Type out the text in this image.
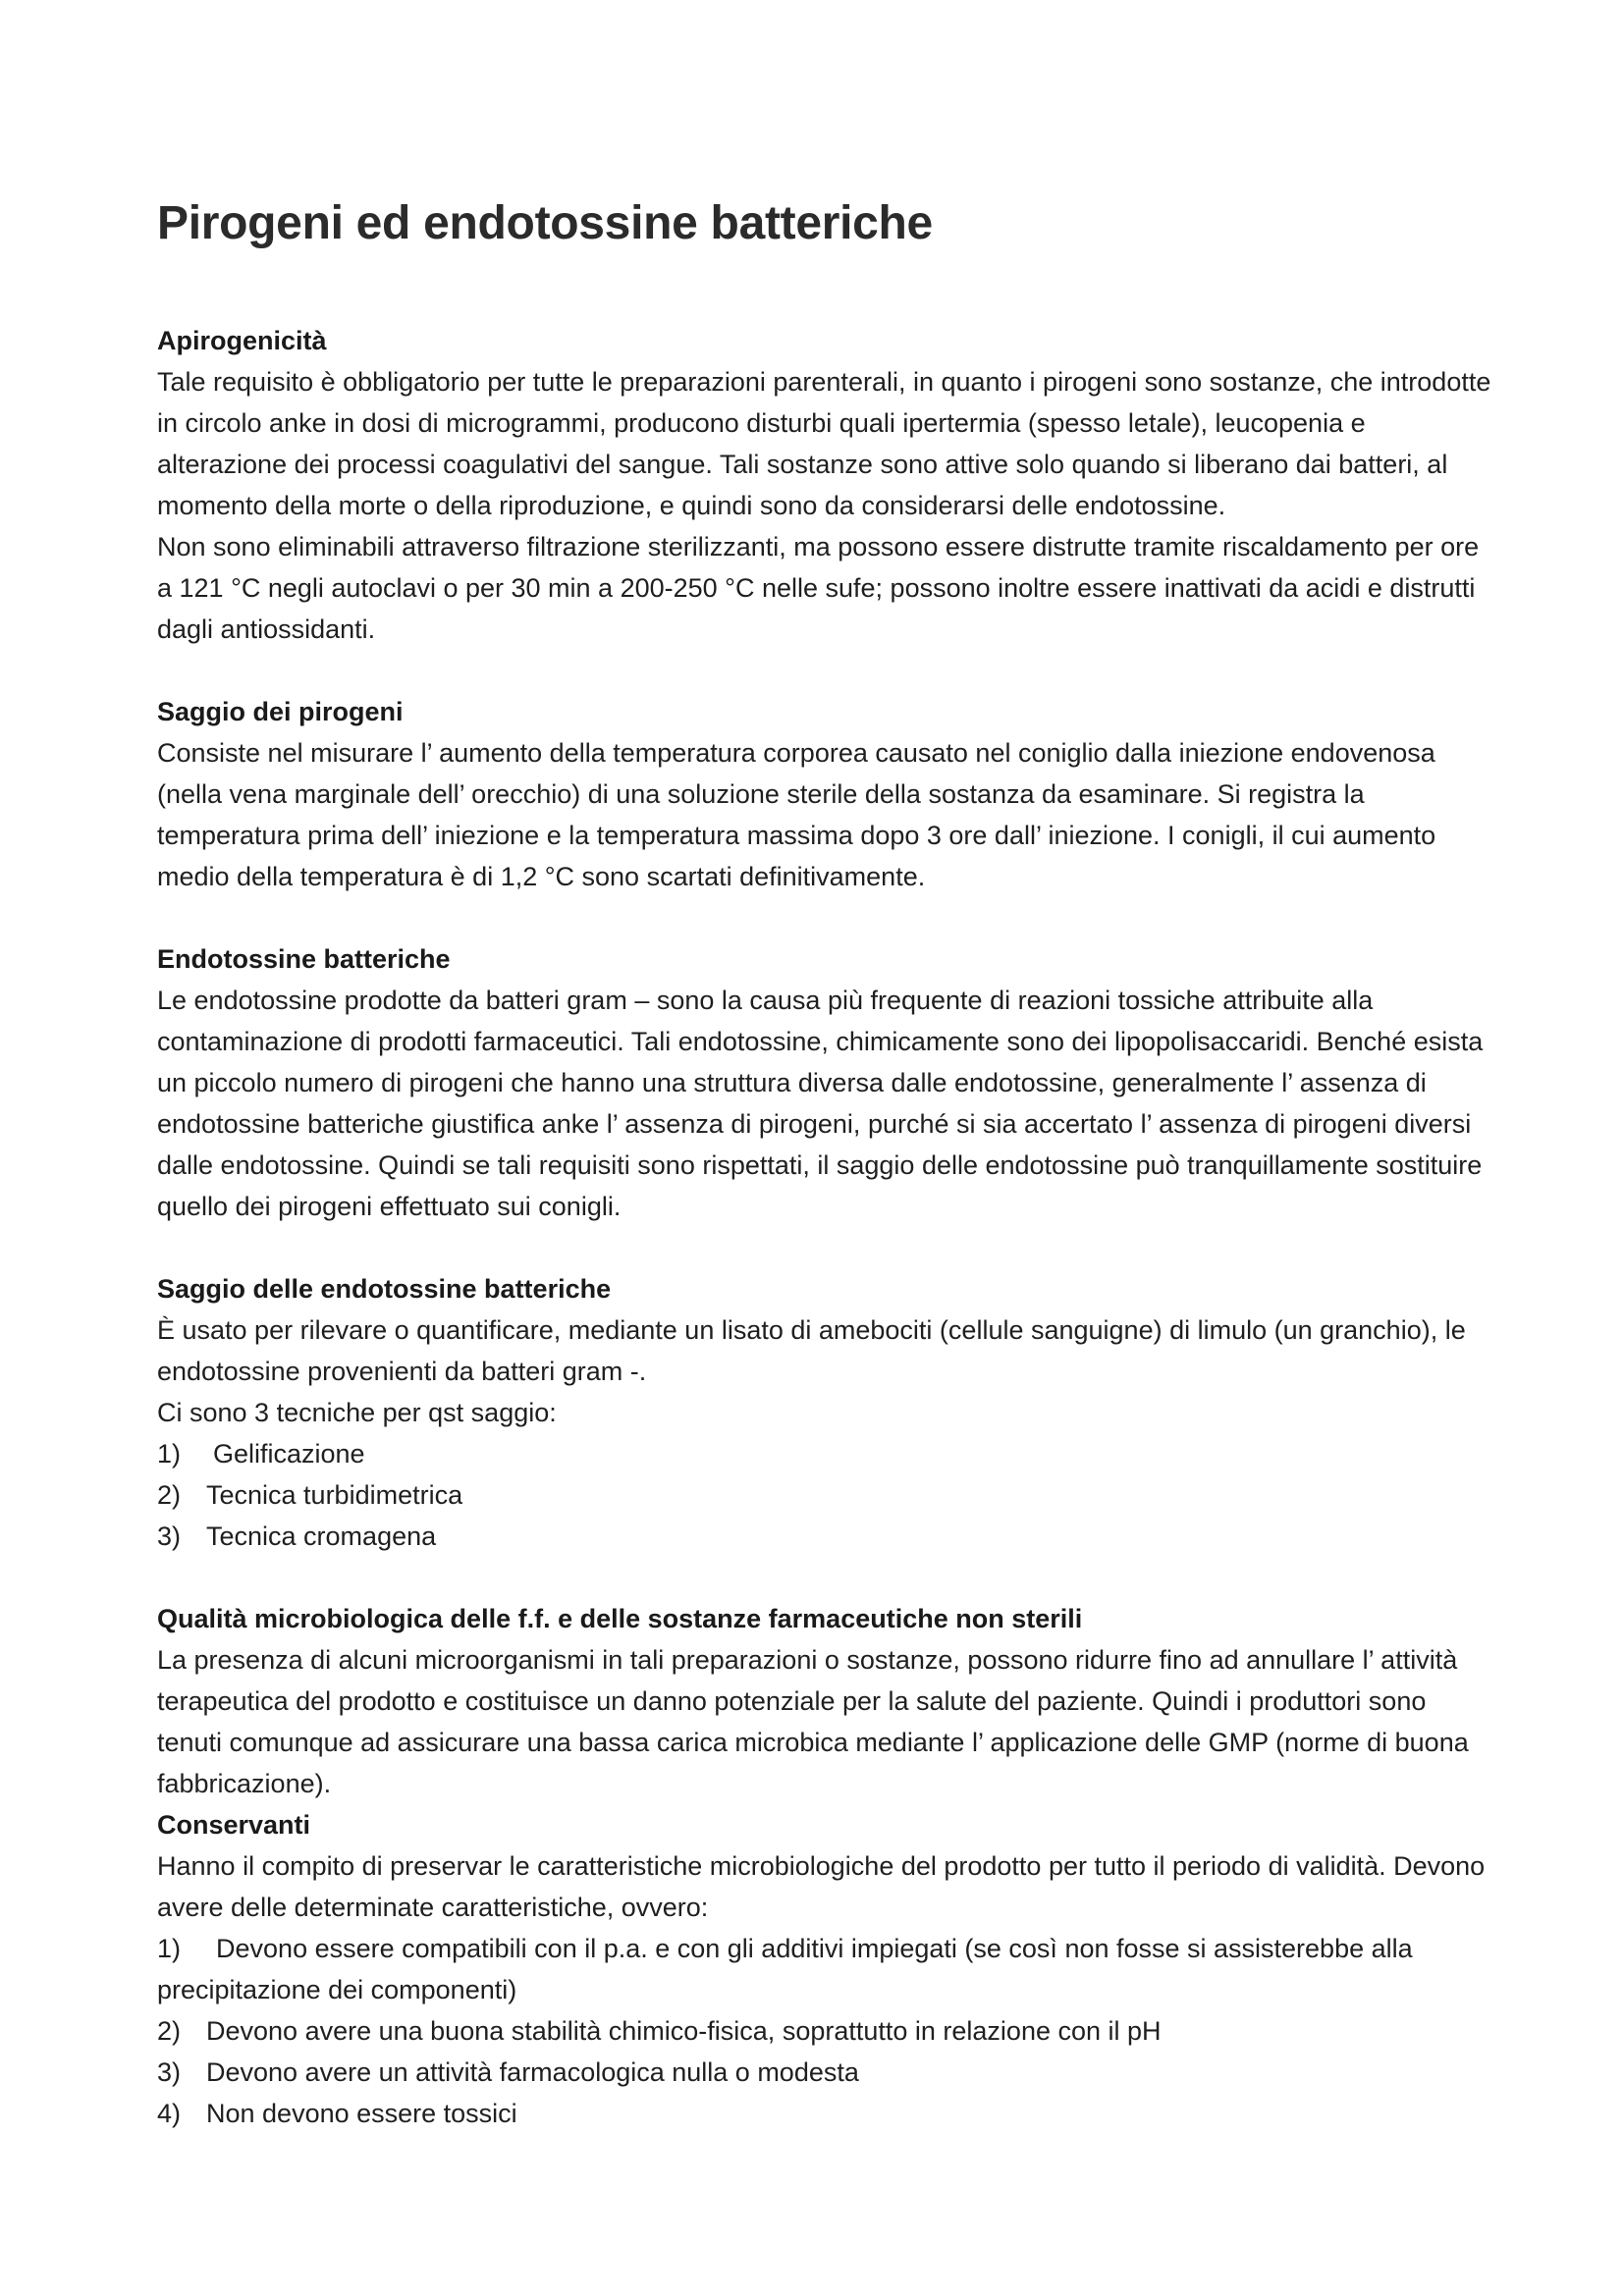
Pirogeni ed endotossine batteriche

Apirogenicità

Tale requisito è obbligatorio per tutte le preparazioni parenterali, in quanto i pirogeni sono sostanze, che introdotte in circolo anke in dosi di microgrammi, producono disturbi quali ipertermia (spesso letale), leucopenia e alterazione dei processi coagulativi del sangue. Tali sostanze sono attive solo quando si liberano dai batteri, al momento della morte o della riproduzione, e quindi sono da considerarsi delle endotossine.

Non sono eliminabili attraverso filtrazione sterilizzanti, ma possono essere distrutte tramite riscaldamento per ore a 121 °C negli autoclavi o per 30 min a 200-250 °C nelle sufe; possono inoltre essere inattivati da acidi e distrutti dagli antiossidanti.

Saggio dei pirogeni

Consiste nel misurare l’ aumento della temperatura corporea causato nel coniglio dalla iniezione endovenosa (nella vena marginale dell’ orecchio) di una soluzione sterile della sostanza da esaminare. Si registra la temperatura prima dell’ iniezione e la temperatura massima dopo 3 ore dall’ iniezione. I conigli, il cui aumento medio della temperatura è di 1,2 °C sono scartati definitivamente.

Endotossine batteriche

Le endotossine prodotte da batteri gram – sono la causa più frequente di reazioni tossiche attribuite alla contaminazione di prodotti farmaceutici. Tali endotossine, chimicamente sono dei lipopolisaccaridi. Benché esista un piccolo numero di pirogeni che hanno una struttura diversa dalle endotossine, generalmente l’ assenza di endotossine batteriche giustifica anke l’ assenza di pirogeni, purché si sia accertato l’ assenza di pirogeni diversi dalle endotossine. Quindi se tali requisiti sono rispettati, il saggio delle endotossine può tranquillamente sostituire quello dei pirogeni effettuato sui conigli.

Saggio delle endotossine batteriche

È usato per rilevare o quantificare, mediante un lisato di amebociti (cellule sanguigne) di limulo (un granchio), le endotossine provenienti da batteri gram -.

Ci sono 3 tecniche per qst saggio:

1)	Gelificazione
2) Tecnica turbidimetrica
3) Tecnica cromagena

Qualità microbiologica delle f.f. e delle sostanze farmaceutiche non sterili

La presenza di alcuni microorganismi in tali preparazioni o sostanze, possono ridurre fino ad annullare l’ attività terapeutica del prodotto e costituisce un danno potenziale per la salute del paziente. Quindi i produttori sono tenuti comunque ad assicurare una bassa carica microbica mediante l’ applicazione delle GMP (norme di buona fabbricazione).

Conservanti

Hanno il compito di preservar le caratteristiche microbiologiche del prodotto per tutto il periodo di validità. Devono avere delle determinate caratteristiche, ovvero:

1) Devono essere compatibili con il p.a. e con gli additivi impiegati (se così non fosse si assisterebbe alla precipitazione dei componenti)
2) Devono avere una buona stabilità chimico-fisica, soprattutto in relazione con il pH
3) Devono avere un attività farmacologica nulla o modesta
4) Non devono essere tossici
